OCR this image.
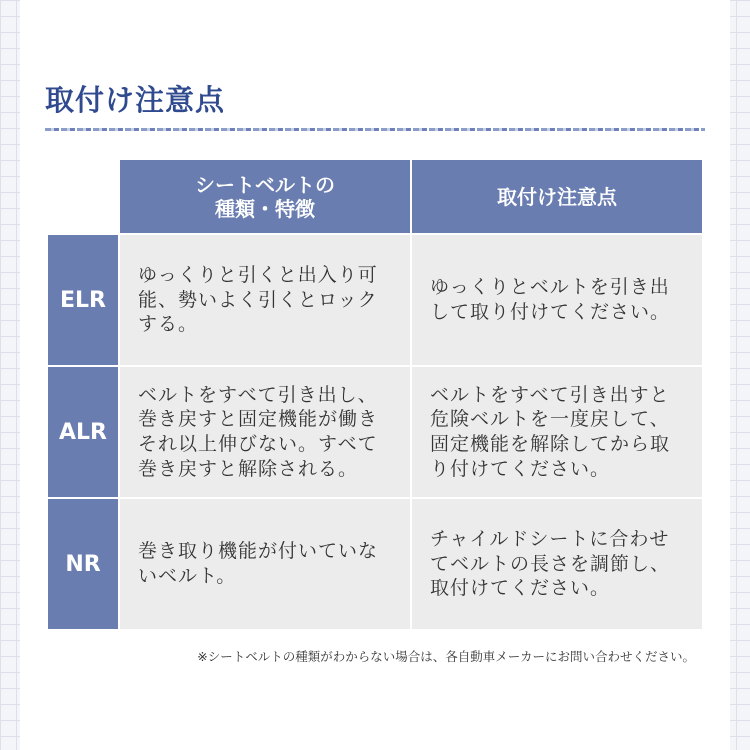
取付け注意点
シートベルトの
種類・特徴	取付け注意点
ELR
ゆっくりと引くと出入り可能、勢いよく引くとロックする。
ゆっくりとベルトを引き出して取り付けてください。
ALR
ベルトをすべて引き出し、巻き戻すと固定機能が働きそれ以上伸びない。すべて巻き戻すと解除される。
ベルトをすべて引き出すと危険ベルトを一度戻して、固定機能を解除してから取り付けてください。
NR
巻き取り機能が付いていないベルト。
チャイルドシートに合わせてベルトの長さを調節し、取付けてください。
※シートベルトの種類がわからない場合は、各自動車メーカーにお問い合わせください。
